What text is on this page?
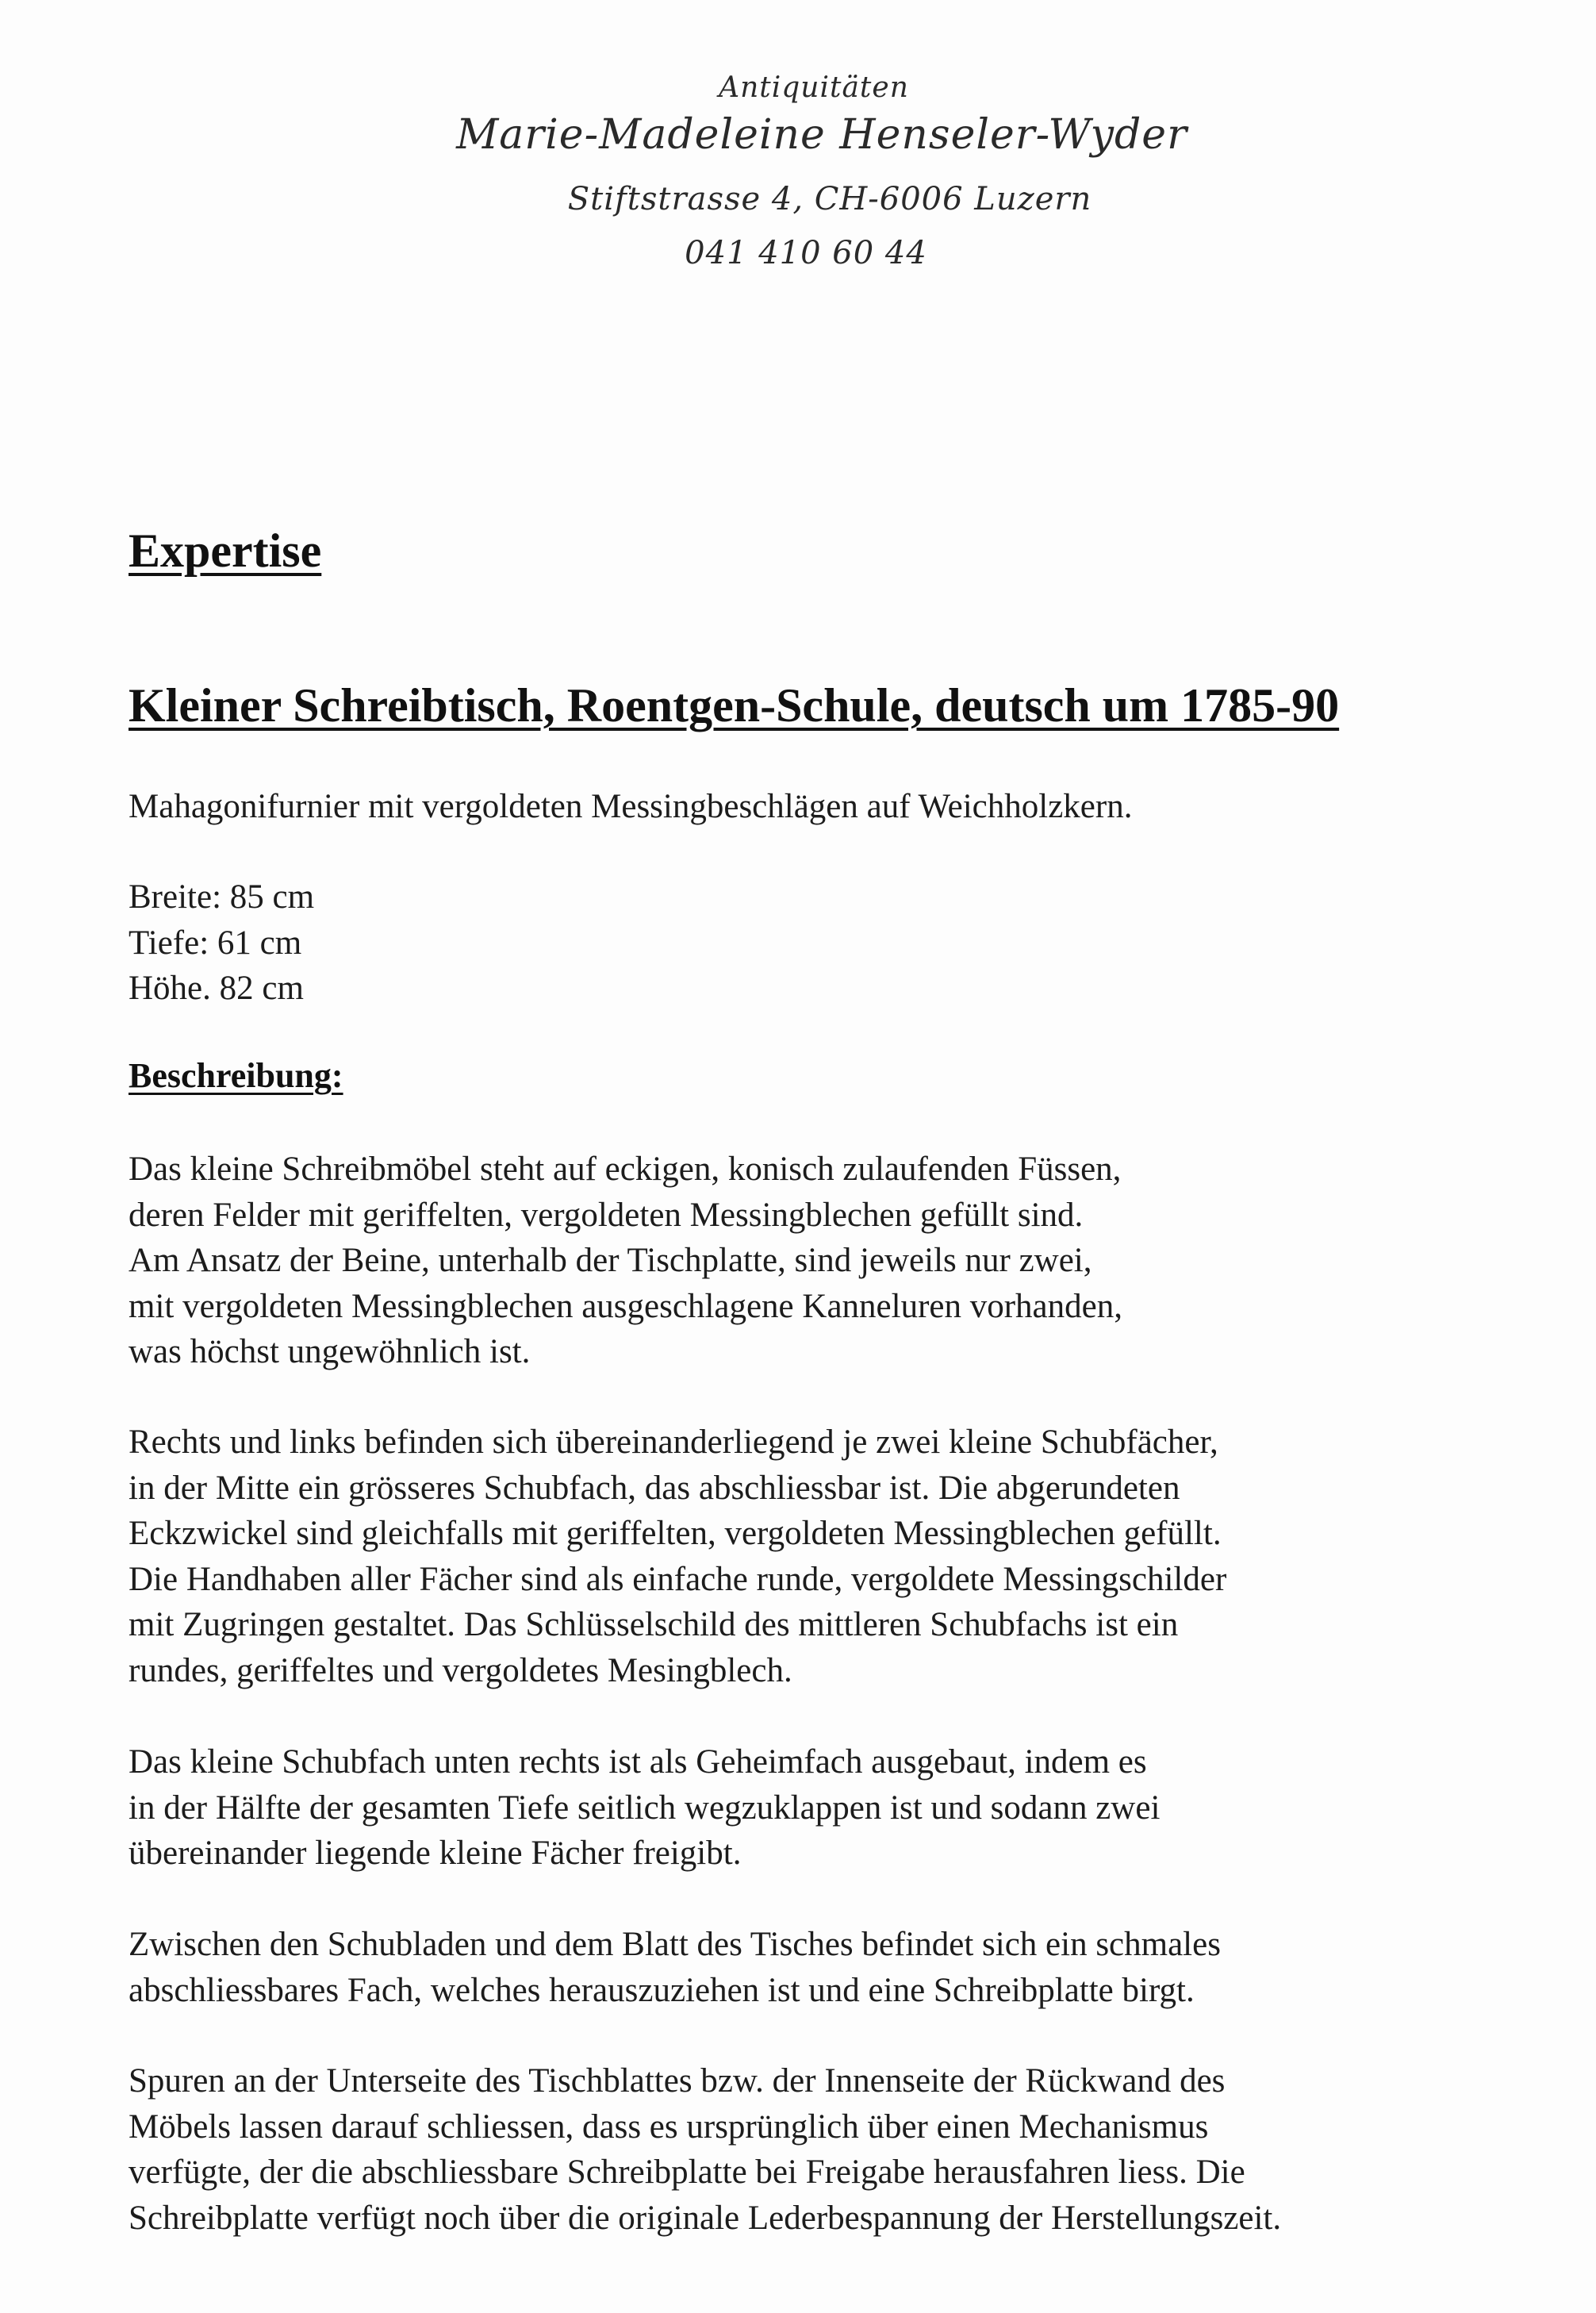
Antiquitäten
Marie-Madeleine Henseler-Wyder
Stiftstrasse 4, CH-6006 Luzern
041 410 60 44
Expertise
Kleiner Schreibtisch, Roentgen-Schule, deutsch um 1785-90

Mahagonifurnier mit vergoldeten Messingbeschlägen auf Weichholzkern.

Breite: 85 cm
Tiefe: 61 cm
Höhe. 82 cm
Beschreibung:
Das kleine Schreibmöbel steht auf eckigen, konisch zulaufenden Füssen,
deren Felder mit geriffelten, vergoldeten Messingblechen gefüllt sind.
Am Ansatz der Beine, unterhalb der Tischplatte, sind jeweils nur zwei,
mit vergoldeten Messingblechen ausgeschlagene Kanneluren vorhanden,
was höchst ungewöhnlich ist.
Rechts und links befinden sich übereinanderliegend je zwei kleine Schubfächer,
in der Mitte ein grösseres Schubfach, das abschliessbar ist. Die abgerundeten
Eckzwickel sind gleichfalls mit geriffelten, vergoldeten Messingblechen gefüllt.
Die Handhaben aller Fächer sind als einfache runde, vergoldete Messingschilder
mit Zugringen gestaltet. Das Schlüsselschild des mittleren Schubfachs ist ein
rundes, geriffeltes und vergoldetes Mesingblech.
Das kleine Schubfach unten rechts ist als Geheimfach ausgebaut, indem es
in der Hälfte der gesamten Tiefe seitlich wegzuklappen ist und sodann zwei
übereinander liegende kleine Fächer freigibt.
Zwischen den Schubladen und dem Blatt des Tisches befindet sich ein schmales
abschliessbares Fach, welches herauszuziehen ist und eine Schreibplatte birgt.
Spuren an der Unterseite des Tischblattes bzw. der Innenseite der Rückwand des
Möbels lassen darauf schliessen, dass es ursprünglich über einen Mechanismus
verfügte, der die abschliessbare Schreibplatte bei Freigabe herausfahren liess. Die
Schreibplatte verfügt noch über die originale Lederbespannung der Herstellungszeit.
